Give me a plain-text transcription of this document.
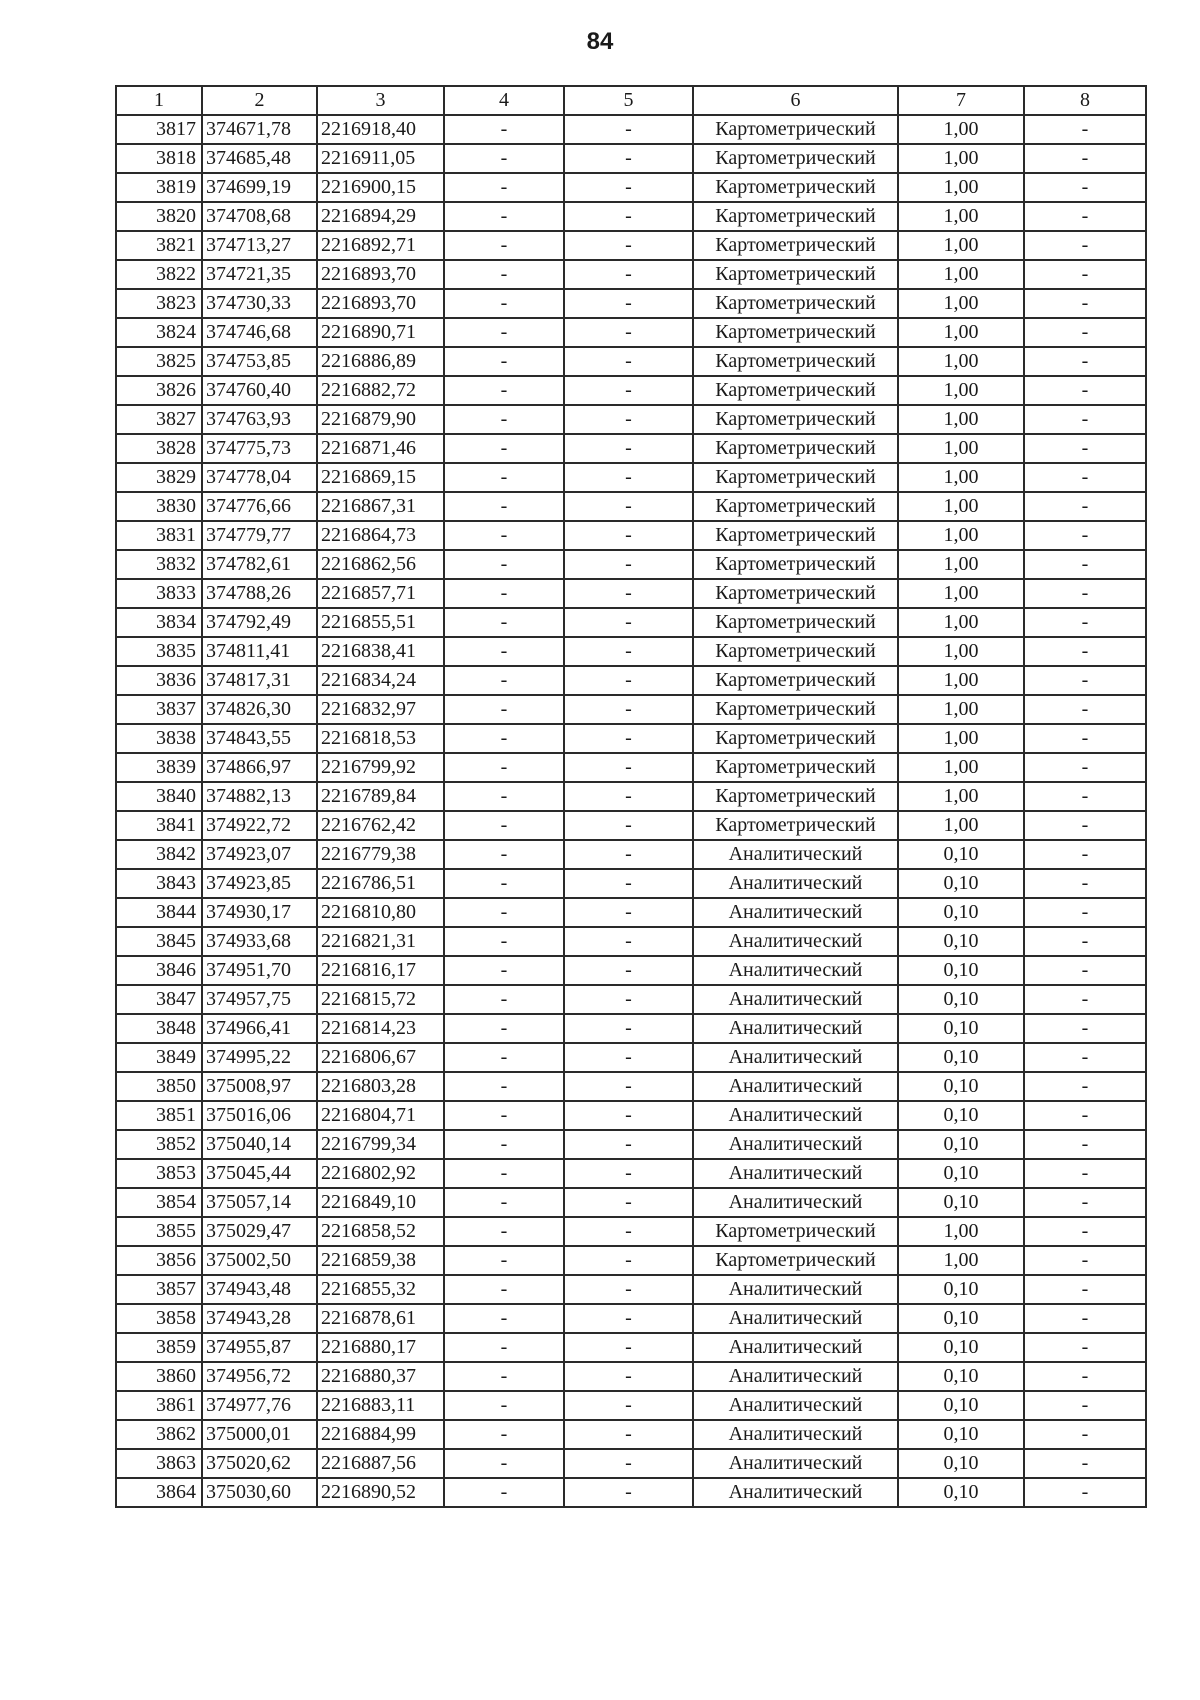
84
1	2	3	4	5	6	7	8
3817	374671,78	2216918,40	-	-	Картометрический	1,00	-
3818	374685,48	2216911,05	-	-	Картометрический	1,00	-
3819	374699,19	2216900,15	-	-	Картометрический	1,00	-
3820	374708,68	2216894,29	-	-	Картометрический	1,00	-
3821	374713,27	2216892,71	-	-	Картометрический	1,00	-
3822	374721,35	2216893,70	-	-	Картометрический	1,00	-
3823	374730,33	2216893,70	-	-	Картометрический	1,00	-
3824	374746,68	2216890,71	-	-	Картометрический	1,00	-
3825	374753,85	2216886,89	-	-	Картометрический	1,00	-
3826	374760,40	2216882,72	-	-	Картометрический	1,00	-
3827	374763,93	2216879,90	-	-	Картометрический	1,00	-
3828	374775,73	2216871,46	-	-	Картометрический	1,00	-
3829	374778,04	2216869,15	-	-	Картометрический	1,00	-
3830	374776,66	2216867,31	-	-	Картометрический	1,00	-
3831	374779,77	2216864,73	-	-	Картометрический	1,00	-
3832	374782,61	2216862,56	-	-	Картометрический	1,00	-
3833	374788,26	2216857,71	-	-	Картометрический	1,00	-
3834	374792,49	2216855,51	-	-	Картометрический	1,00	-
3835	374811,41	2216838,41	-	-	Картометрический	1,00	-
3836	374817,31	2216834,24	-	-	Картометрический	1,00	-
3837	374826,30	2216832,97	-	-	Картометрический	1,00	-
3838	374843,55	2216818,53	-	-	Картометрический	1,00	-
3839	374866,97	2216799,92	-	-	Картометрический	1,00	-
3840	374882,13	2216789,84	-	-	Картометрический	1,00	-
3841	374922,72	2216762,42	-	-	Картометрический	1,00	-
3842	374923,07	2216779,38	-	-	Аналитический	0,10	-
3843	374923,85	2216786,51	-	-	Аналитический	0,10	-
3844	374930,17	2216810,80	-	-	Аналитический	0,10	-
3845	374933,68	2216821,31	-	-	Аналитический	0,10	-
3846	374951,70	2216816,17	-	-	Аналитический	0,10	-
3847	374957,75	2216815,72	-	-	Аналитический	0,10	-
3848	374966,41	2216814,23	-	-	Аналитический	0,10	-
3849	374995,22	2216806,67	-	-	Аналитический	0,10	-
3850	375008,97	2216803,28	-	-	Аналитический	0,10	-
3851	375016,06	2216804,71	-	-	Аналитический	0,10	-
3852	375040,14	2216799,34	-	-	Аналитический	0,10	-
3853	375045,44	2216802,92	-	-	Аналитический	0,10	-
3854	375057,14	2216849,10	-	-	Аналитический	0,10	-
3855	375029,47	2216858,52	-	-	Картометрический	1,00	-
3856	375002,50	2216859,38	-	-	Картометрический	1,00	-
3857	374943,48	2216855,32	-	-	Аналитический	0,10	-
3858	374943,28	2216878,61	-	-	Аналитический	0,10	-
3859	374955,87	2216880,17	-	-	Аналитический	0,10	-
3860	374956,72	2216880,37	-	-	Аналитический	0,10	-
3861	374977,76	2216883,11	-	-	Аналитический	0,10	-
3862	375000,01	2216884,99	-	-	Аналитический	0,10	-
3863	375020,62	2216887,56	-	-	Аналитический	0,10	-
3864	375030,60	2216890,52	-	-	Аналитический	0,10	-
